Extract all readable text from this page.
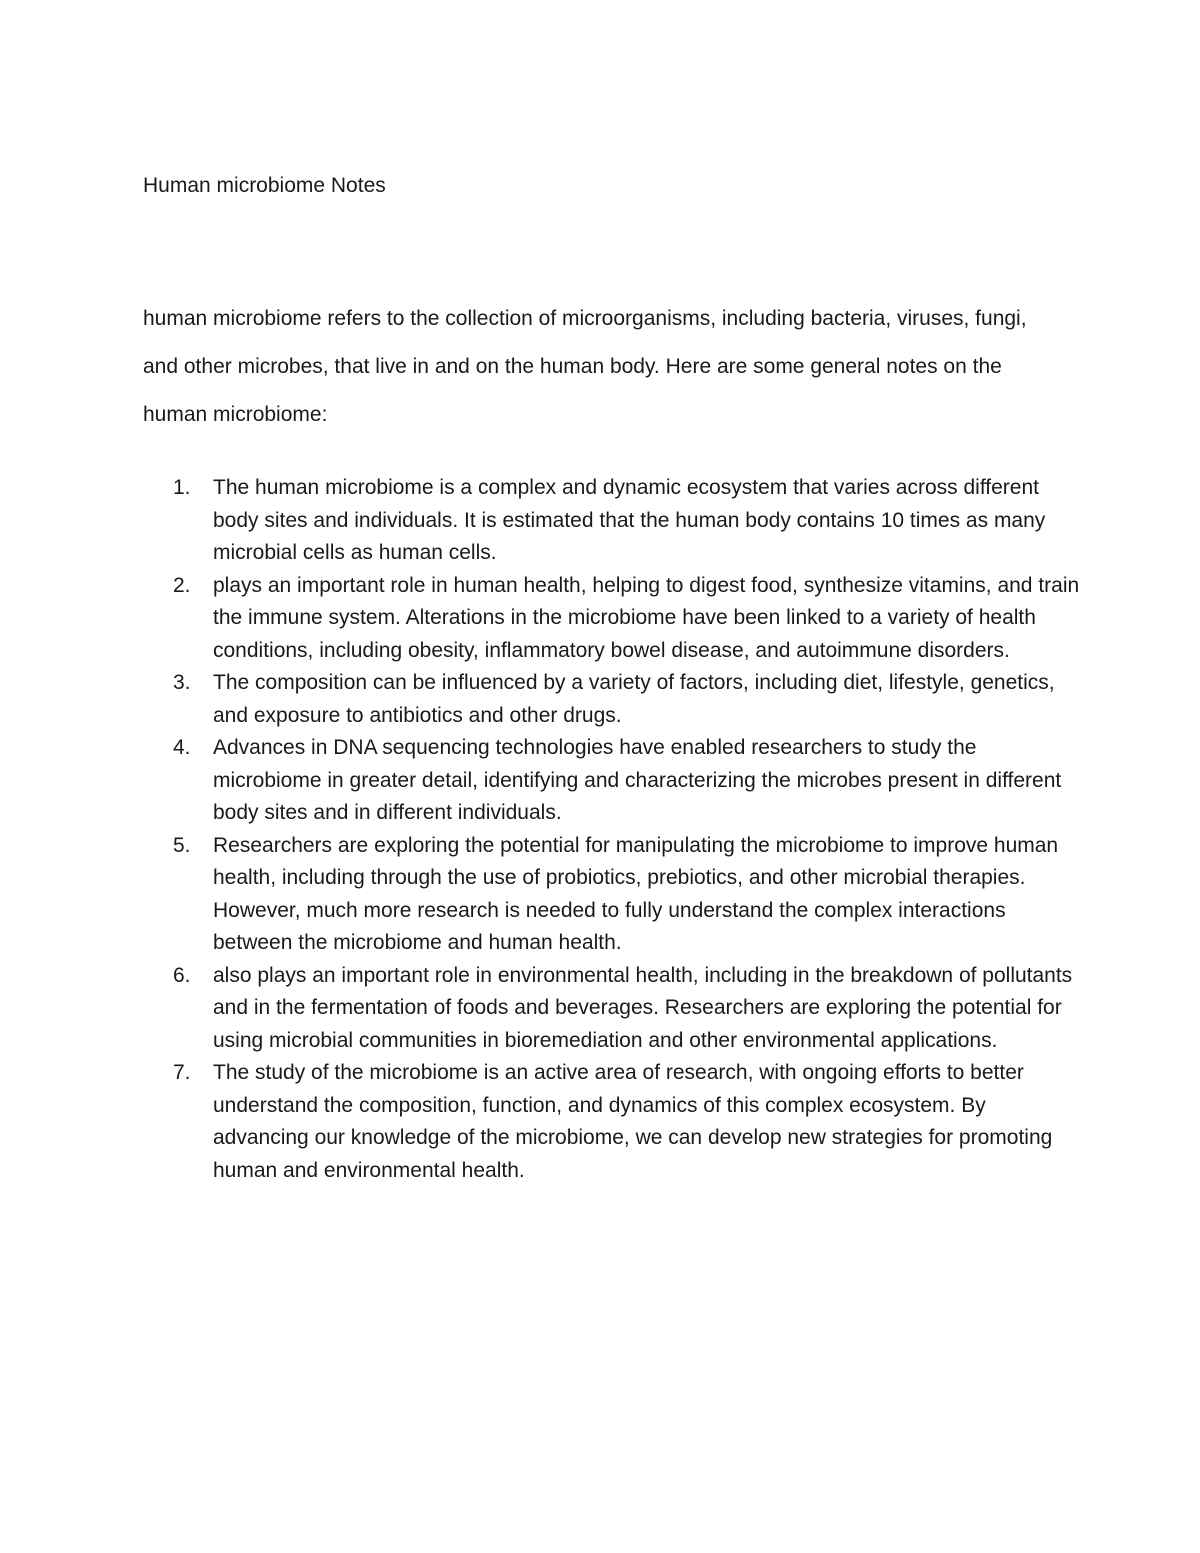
Human microbiome Notes

human microbiome refers to the collection of microorganisms, including bacteria, viruses, fungi, and other microbes, that live in and on the human body. Here are some general notes on the human microbiome:

1.	The human microbiome is a complex and dynamic ecosystem that varies across different body sites and individuals. It is estimated that the human body contains 10 times as many microbial cells as human cells.
2.	plays an important role in human health, helping to digest food, synthesize vitamins, and train the immune system. Alterations in the microbiome have been linked to a variety of health conditions, including obesity, inflammatory bowel disease, and autoimmune disorders.
3.	The composition can be influenced by a variety of factors, including diet, lifestyle, genetics, and exposure to antibiotics and other drugs.
4.	Advances in DNA sequencing technologies have enabled researchers to study the microbiome in greater detail, identifying and characterizing the microbes present in different body sites and in different individuals.
5.	Researchers are exploring the potential for manipulating the microbiome to improve human health, including through the use of probiotics, prebiotics, and other microbial therapies. However, much more research is needed to fully understand the complex interactions between the microbiome and human health.
6.	also plays an important role in environmental health, including in the breakdown of pollutants and in the fermentation of foods and beverages. Researchers are exploring the potential for using microbial communities in bioremediation and other environmental applications.
7.	The study of the microbiome is an active area of research, with ongoing efforts to better understand the composition, function, and dynamics of this complex ecosystem. By advancing our knowledge of the microbiome, we can develop new strategies for promoting human and environmental health.
